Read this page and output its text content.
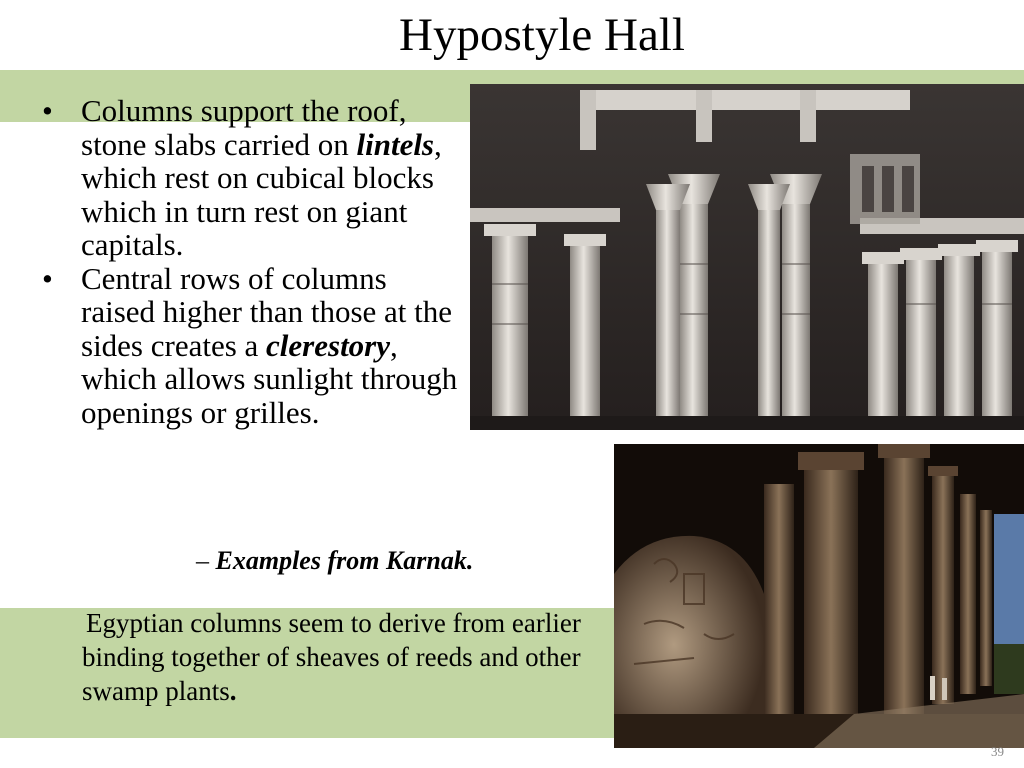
Hypostyle Hall
• Columns support the roof, stone slabs carried on lintels, which rest on cubical blocks which in turn rest on giant capitals.
• Central rows of columns raised higher than those at the sides creates a clerestory, which allows sunlight through openings or grilles.
– Examples from Karnak.
Egyptian columns seem to derive from earlier binding together of sheaves of reeds and other swamp plants.
39
